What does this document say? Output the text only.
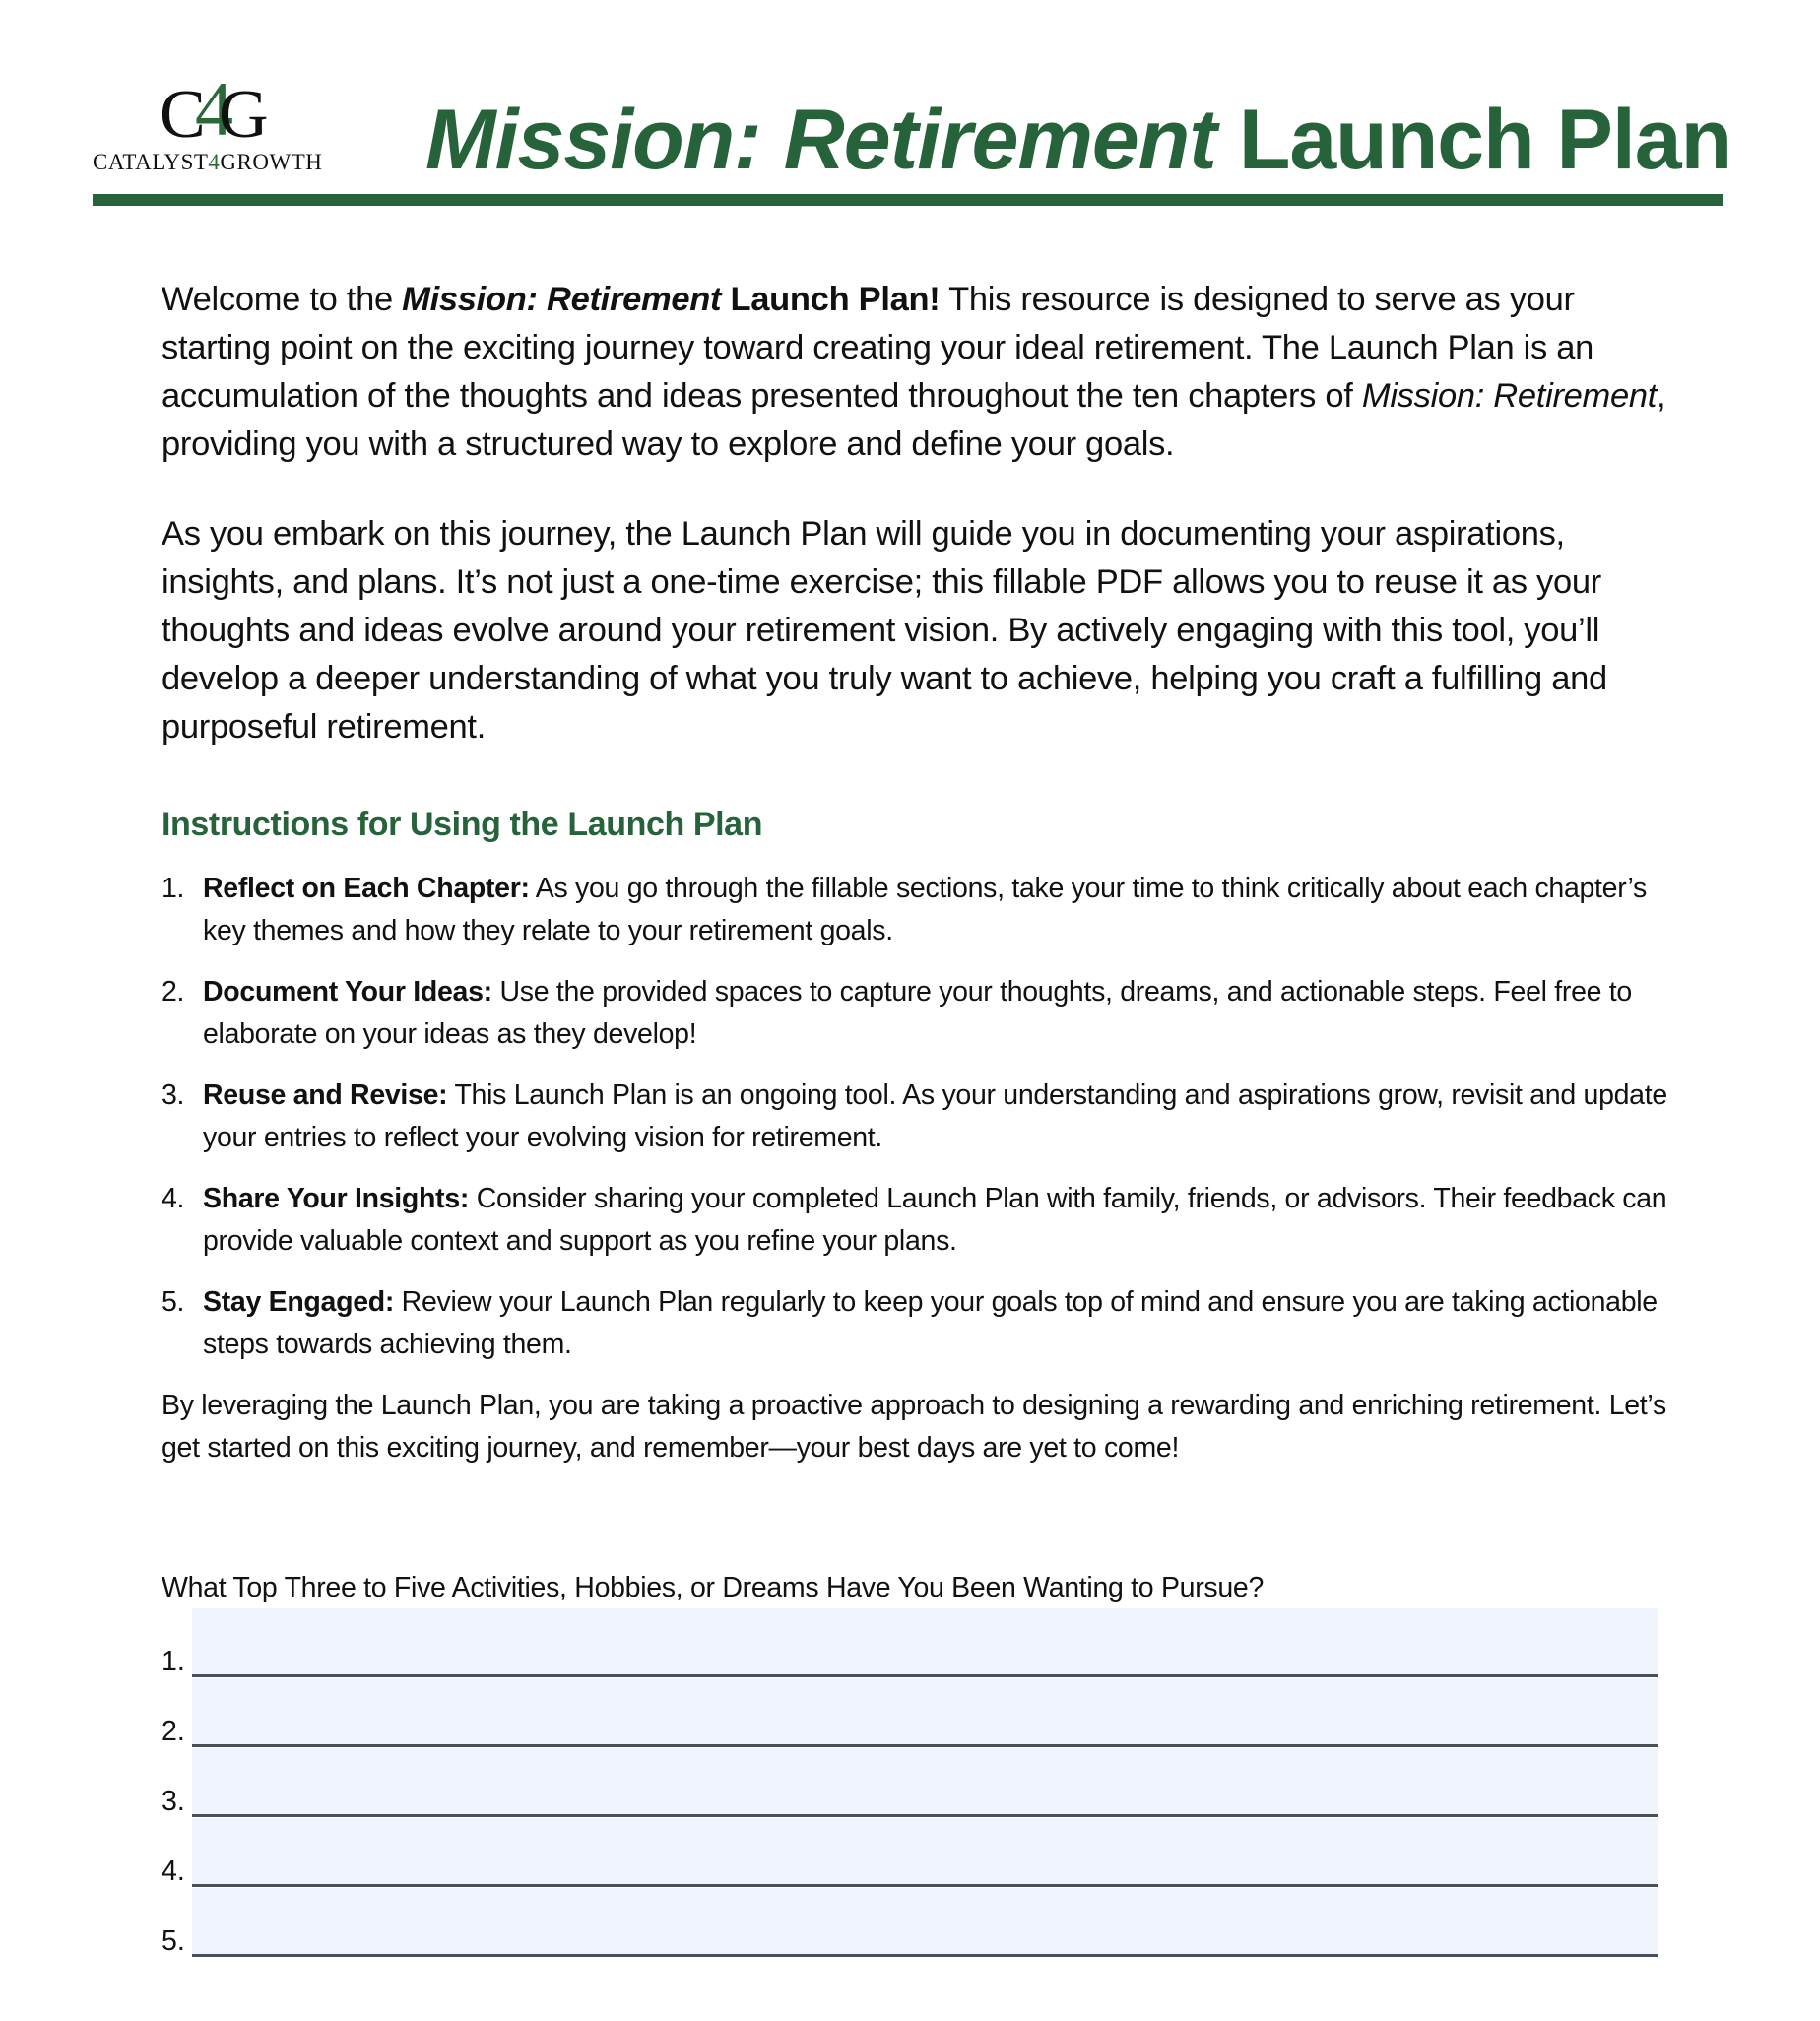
C 4
G
CATALYST4GROWTH Mission: Retirement Launch Plan

Welcome to the Mission: Retirement Launch Plan! This resource is designed to serve as your starting point on the exciting journey toward creating your ideal retirement. The Launch Plan is an accumulation of the thoughts and ideas presented throughout the ten chapters of Mission: Retirement, providing you with a structured way to explore and define your goals.

As you embark on this journey, the Launch Plan will guide you in documenting your aspirations, insights, and plans. It’s not just a one-time exercise; this fillable PDF allows you to reuse it as your thoughts and ideas evolve around your retirement vision. By actively engaging with this tool, you’ll develop a deeper understanding of what you truly want to achieve, helping you craft a fulfilling and purposeful retirement.

Instructions for Using the Launch Plan
1. Reflect on Each Chapter: As you go through the fillable sections, take your time to think critically about each chapter’s key themes and how they relate to your retirement goals.
2. Document Your Ideas: Use the provided spaces to capture your thoughts, dreams, and actionable steps. Feel free to elaborate on your ideas as they develop!
3. Reuse and Revise: This Launch Plan is an ongoing tool. As your understanding and aspirations grow, revisit and update your entries to reflect your evolving vision for retirement.
4. Share Your Insights: Consider sharing your completed Launch Plan with family, friends, or advisors. Their feedback can provide valuable context and support as you refine your plans.
5. Stay Engaged: Review your Launch Plan regularly to keep your goals top of mind and ensure you are taking actionable steps towards achieving them.

By leveraging the Launch Plan, you are taking a proactive approach to designing a rewarding and enriching retirement. Let’s get started on this exciting journey, and remember—your best days are yet to come!

What Top Three to Five Activities, Hobbies, or Dreams Have You Been Wanting to Pursue?
1.
2.
3.
4.
5.
